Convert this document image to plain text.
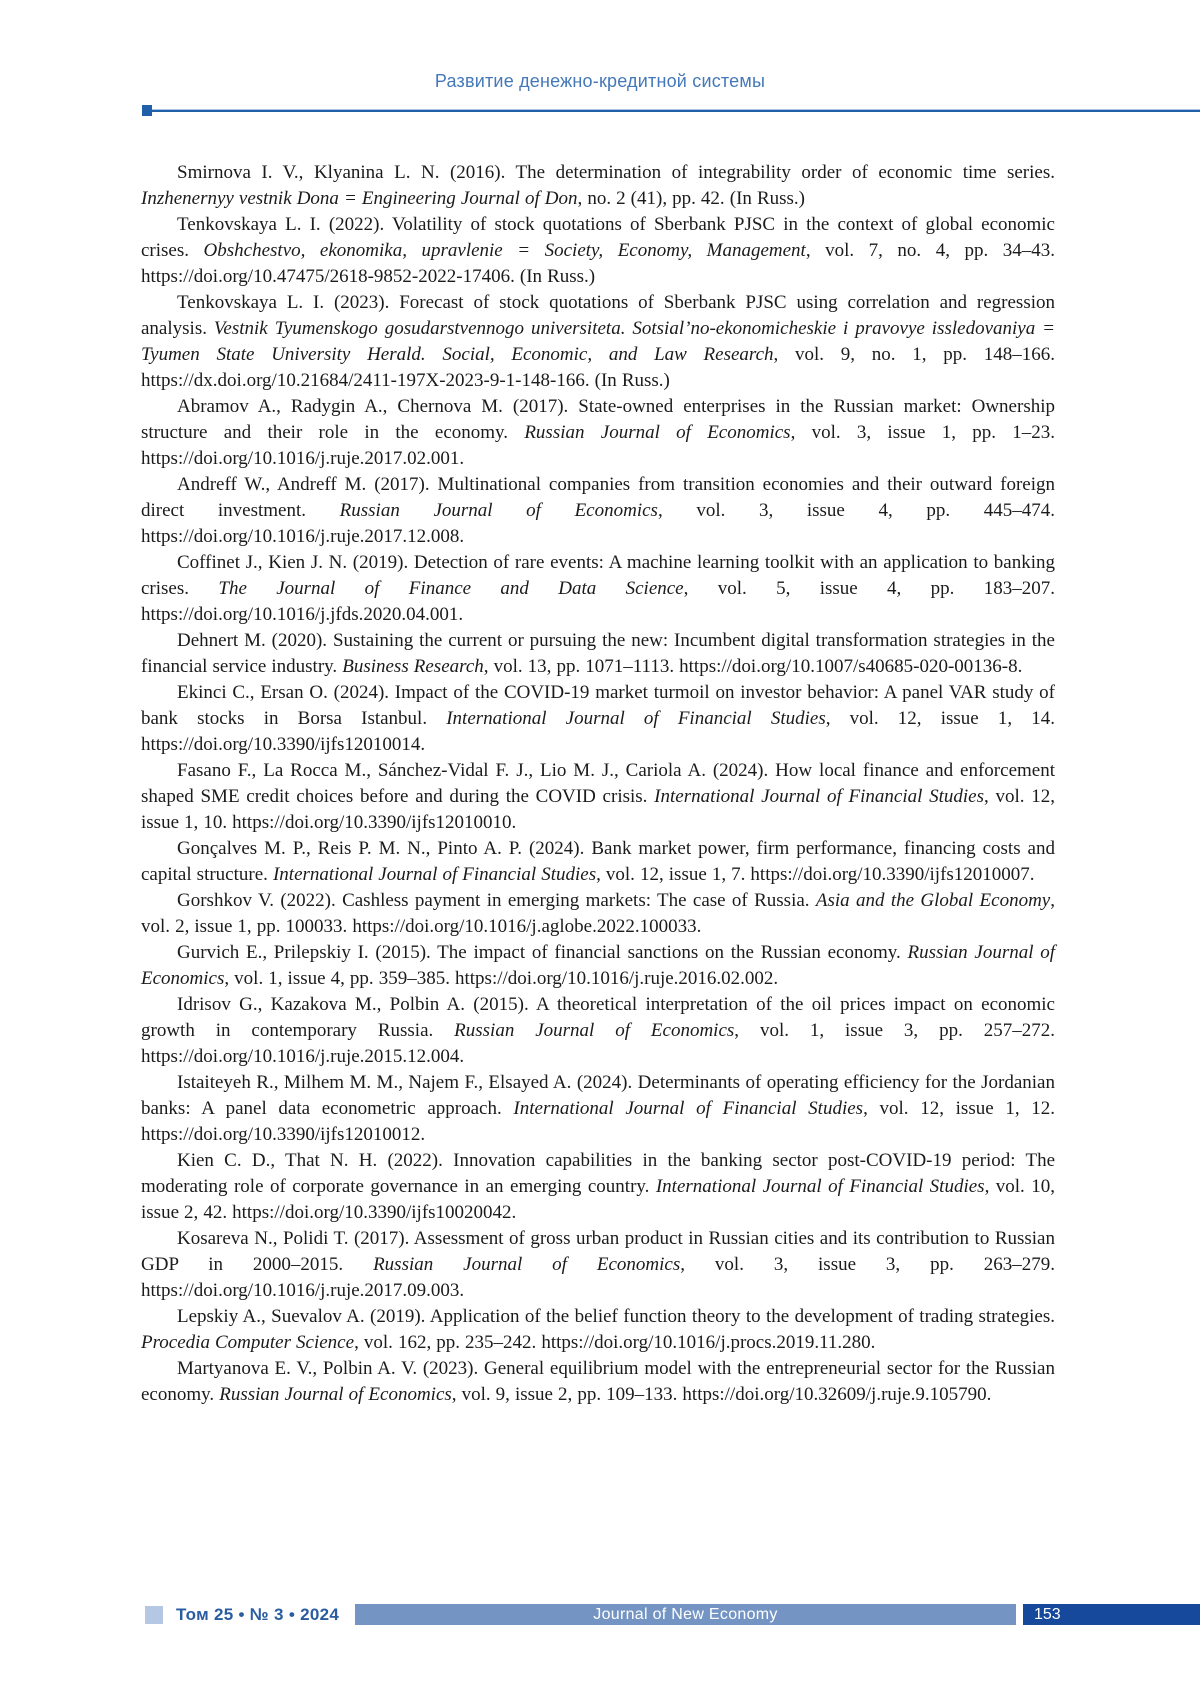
Развитие денежно-кредитной системы

Smirnova I. V., Klyanina L. N. (2016). The determination of integrability order of economic time series. Inzhenernyy vestnik Dona = Engineering Journal of Don, no. 2 (41), pp. 42. (In Russ.)

Tenkovskaya L. I. (2022). Volatility of stock quotations of Sberbank PJSC in the context of global economic crises. Obshchestvo, ekonomika, upravlenie = Society, Economy, Management, vol. 7, no. 4, pp. 34–43. https://doi.org/10.47475/2618-9852-2022-17406. (In Russ.)

Tenkovskaya L. I. (2023). Forecast of stock quotations of Sberbank PJSC using correlation and regression analysis. Vestnik Tyumenskogo gosudarstvennogo universiteta. Sotsial’no-ekonomicheskie i pravovye issledovaniya = Tyumen State University Herald. Social, Economic, and Law Research, vol. 9, no. 1, pp. 148–166. https://dx.doi.org/10.21684/2411-197X-2023-9-1-148-166. (In Russ.)

Abramov A., Radygin A., Chernova M. (2017). State-owned enterprises in the Russian market: Ownership structure and their role in the economy. Russian Journal of Economics, vol. 3, issue 1, pp. 1–23. https://doi.org/10.1016/j.ruje.2017.02.001.

Andreff W., Andreff M. (2017). Multinational companies from transition economies and their outward foreign direct investment. Russian Journal of Economics, vol. 3, issue 4, pp. 445–474. https://doi.org/10.1016/j.ruje.2017.12.008.

Coffinet J., Kien J. N. (2019). Detection of rare events: A machine learning toolkit with an application to banking crises. The Journal of Finance and Data Science, vol. 5, issue 4, pp. 183–207. https://doi.org/10.1016/j.jfds.2020.04.001.

Dehnert M. (2020). Sustaining the current or pursuing the new: Incumbent digital transformation strategies in the financial service industry. Business Research, vol. 13, pp. 1071–1113. https://doi.org/10.1007/s40685-020-00136-8.

Ekinci C., Ersan O. (2024). Impact of the COVID-19 market turmoil on investor behavior: A panel VAR study of bank stocks in Borsa Istanbul. International Journal of Financial Studies, vol. 12, issue 1, 14. https://doi.org/10.3390/ijfs12010014.

Fasano F., La Rocca M., Sánchez-Vidal F. J., Lio M. J., Cariola A. (2024). How local finance and enforcement shaped SME credit choices before and during the COVID crisis. International Journal of Financial Studies, vol. 12, issue 1, 10. https://doi.org/10.3390/ijfs12010010.

Gonçalves M. P., Reis P. M. N., Pinto A. P. (2024). Bank market power, firm performance, financing costs and capital structure. International Journal of Financial Studies, vol. 12, issue 1, 7. https://doi.org/10.3390/ijfs12010007.

Gorshkov V. (2022). Cashless payment in emerging markets: The case of Russia. Asia and the Global Economy, vol. 2, issue 1, pp. 100033. https://doi.org/10.1016/j.aglobe.2022.100033.

Gurvich E., Prilepskiy I. (2015). The impact of financial sanctions on the Russian economy. Russian Journal of Economics, vol. 1, issue 4, pp. 359–385. https://doi.org/10.1016/j.ruje.2016.02.002.

Idrisov G., Kazakova M., Polbin A. (2015). A theoretical interpretation of the oil prices impact on economic growth in contemporary Russia. Russian Journal of Economics, vol. 1, issue 3, pp. 257–272. https://doi.org/10.1016/j.ruje.2015.12.004.

Istaiteyeh R., Milhem M. M., Najem F., Elsayed A. (2024). Determinants of operating efficiency for the Jordanian banks: A panel data econometric approach. International Journal of Financial Studies, vol. 12, issue 1, 12. https://doi.org/10.3390/ijfs12010012.

Kien C. D., That N. H. (2022). Innovation capabilities in the banking sector post-COVID-19 period: The moderating role of corporate governance in an emerging country. International Journal of Financial Studies, vol. 10, issue 2, 42. https://doi.org/10.3390/ijfs10020042.

Kosareva N., Polidi T. (2017). Assessment of gross urban product in Russian cities and its contribution to Russian GDP in 2000–2015. Russian Journal of Economics, vol. 3, issue 3, pp. 263–279. https://doi.org/10.1016/j.ruje.2017.09.003.

Lepskiy A., Suevalov A. (2019). Application of the belief function theory to the development of trading strategies. Procedia Computer Science, vol. 162, pp. 235–242. https://doi.org/10.1016/j.procs.2019.11.280.

Martyanova E. V., Polbin A. V. (2023). General equilibrium model with the entrepreneurial sector for the Russian economy. Russian Journal of Economics, vol. 9, issue 2, pp. 109–133. https://doi.org/10.32609/j.ruje.9.105790.

Том 25 • № 3 • 2024	Journal of New Economy	153
